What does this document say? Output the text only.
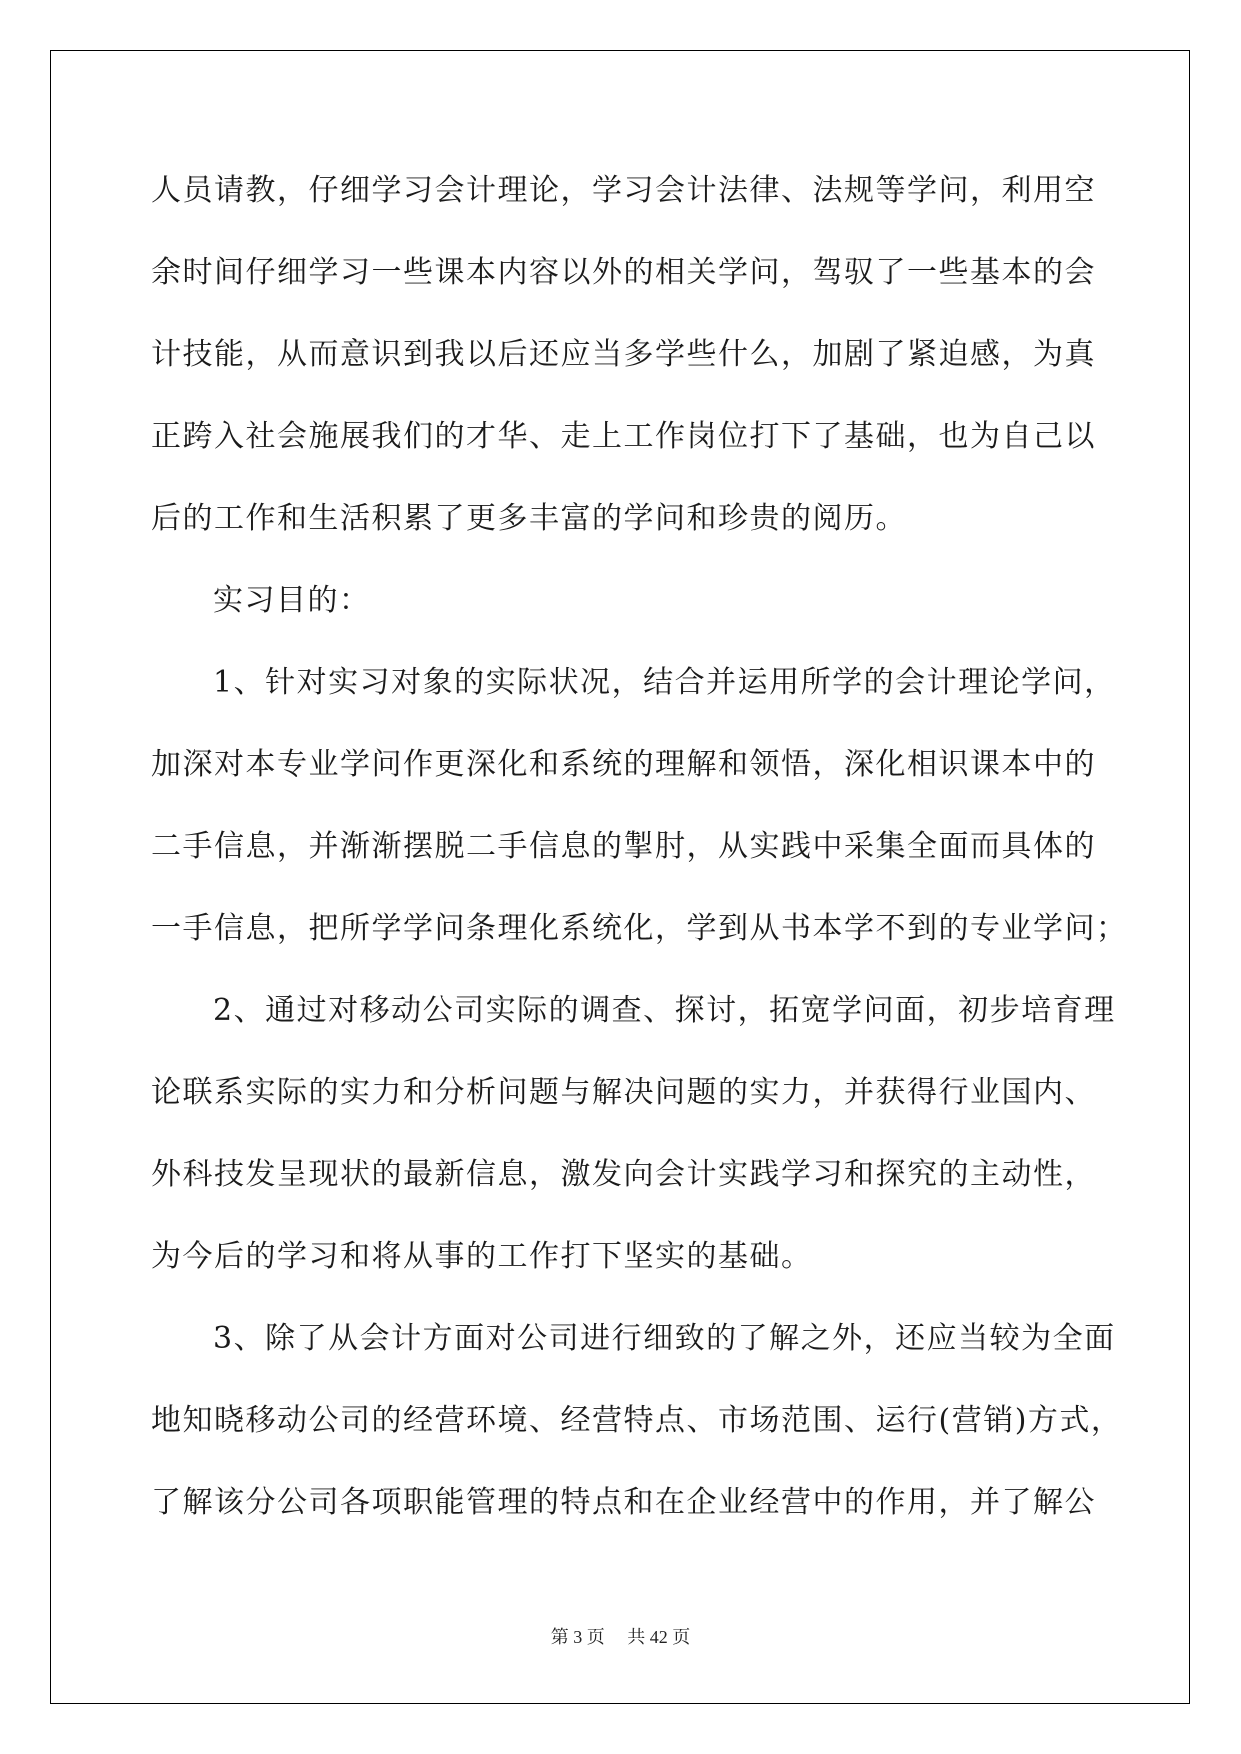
人员请教，仔细学习会计理论，学习会计法律、法规等学问，利用空
余时间仔细学习一些课本内容以外的相关学问，驾驭了一些基本的会
计技能，从而意识到我以后还应当多学些什么，加剧了紧迫感，为真
正跨入社会施展我们的才华、走上工作岗位打下了基础，也为自己以
后的工作和生活积累了更多丰富的学问和珍贵的阅历。
实习目的：
1、针对实习对象的实际状况，结合并运用所学的会计理论学问，
加深对本专业学问作更深化和系统的理解和领悟，深化相识课本中的
二手信息，并渐渐摆脱二手信息的掣肘，从实践中采集全面而具体的
一手信息，把所学学问条理化系统化，学到从书本学不到的专业学问；
2、通过对移动公司实际的调查、探讨，拓宽学问面，初步培育理
论联系实际的实力和分析问题与解决问题的实力，并获得行业国内、
外科技发呈现状的最新信息，激发向会计实践学习和探究的主动性，
为今后的学习和将从事的工作打下坚实的基础。
3、除了从会计方面对公司进行细致的了解之外，还应当较为全面
地知晓移动公司的经营环境、经营特点、市场范围、运行(营销)方式，
了解该分公司各项职能管理的特点和在企业经营中的作用，并了解公
第 3 页 共 42 页
